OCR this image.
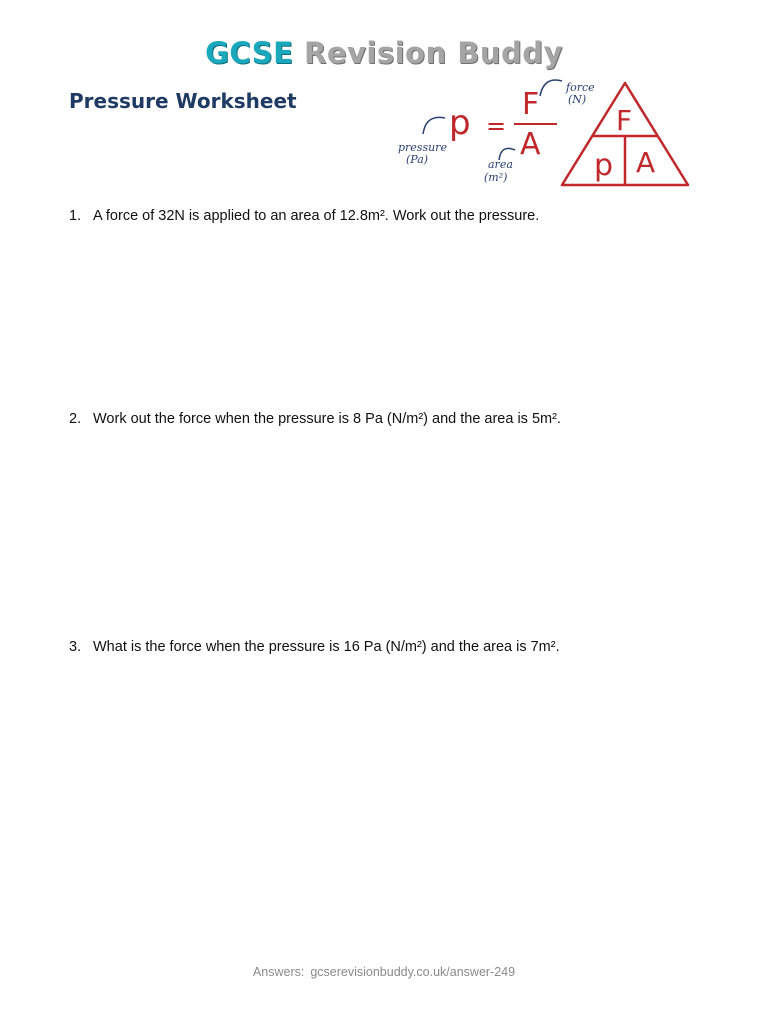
GCSE Revision Buddy
Pressure Worksheet
p =
F
A
pressure
(Pa)
force
(N)
area
(m²)
F
p A
1. A force of 32N is applied to an area of 12.8m². Work out the pressure.
2. Work out the force when the pressure is 8 Pa (N/m²) and the area is 5m².
3. What is the force when the pressure is 16 Pa (N/m²) and the area is 7m².
Answers: gcserevisionbuddy.co.uk/answer-249
